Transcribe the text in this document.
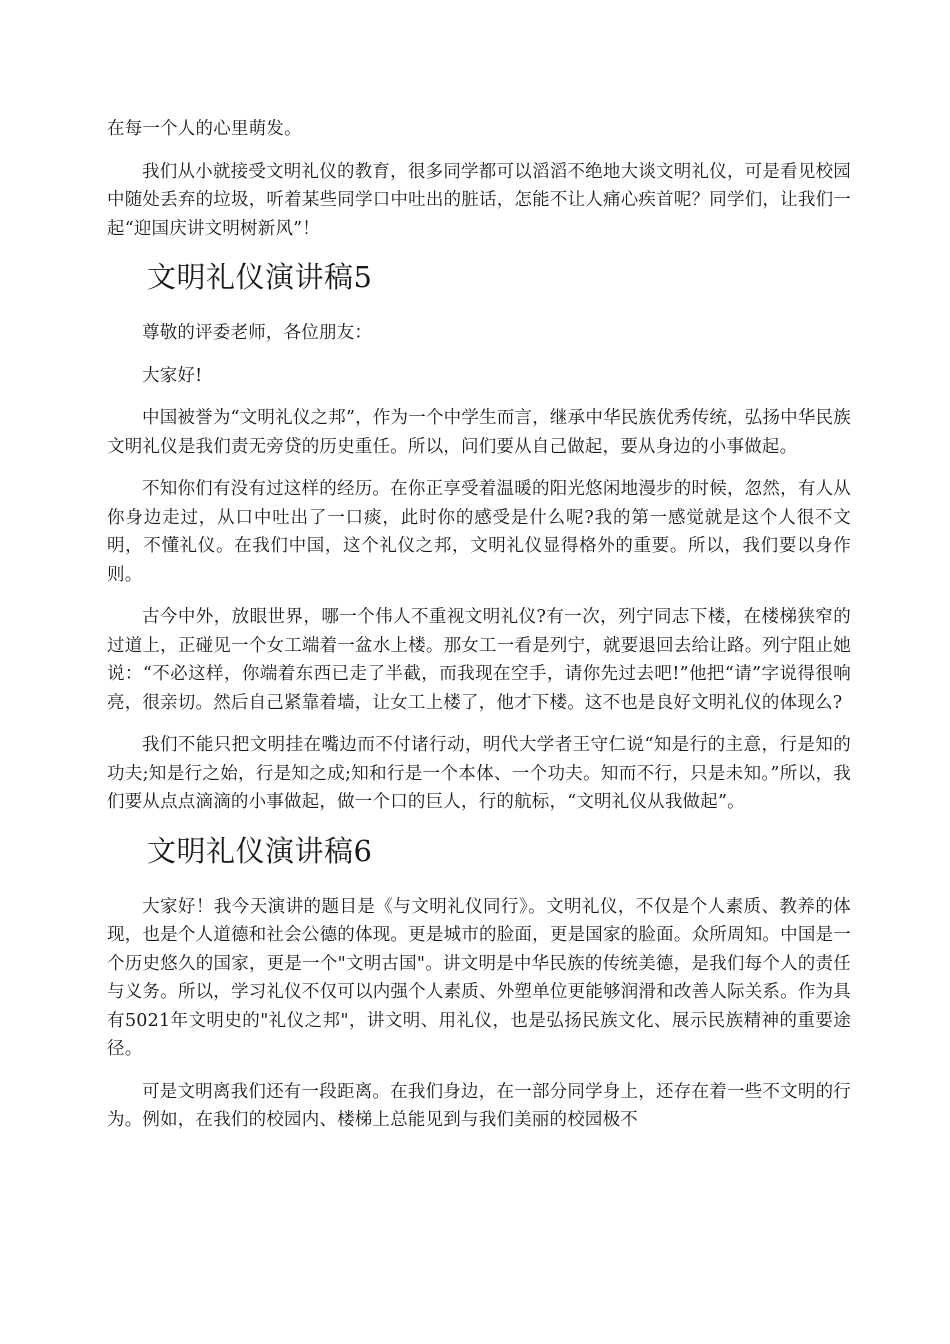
在每一个人的心里萌发。

我们从小就接受文明礼仪的教育，很多同学都可以滔滔不绝地大谈文明礼仪，可是看见校园中随处丢弃的垃圾，听着某些同学口中吐出的脏话，怎能不让人痛心疾首呢？同学们，让我们一起“迎国庆讲文明树新风”！

文明礼仪演讲稿5

尊敬的评委老师，各位朋友：

大家好!

中国被誉为“文明礼仪之邦”，作为一个中学生而言，继承中华民族优秀传统，弘扬中华民族文明礼仪是我们责无旁贷的历史重任。所以，问们要从自己做起，要从身边的小事做起。

不知你们有没有过这样的经历。在你正享受着温暖的阳光悠闲地漫步的时候，忽然，有人从你身边走过，从口中吐出了一口痰，此时你的感受是什么呢?我的第一感觉就是这个人很不文明，不懂礼仪。在我们中国，这个礼仪之邦，文明礼仪显得格外的重要。所以，我们要以身作则。

古今中外，放眼世界，哪一个伟人不重视文明礼仪?有一次，列宁同志下楼，在楼梯狭窄的过道上，正碰见一个女工端着一盆水上楼。那女工一看是列宁，就要退回去给让路。列宁阻止她说：“不必这样，你端着东西已走了半截，而我现在空手，请你先过去吧!”他把“请”字说得很响亮，很亲切。然后自己紧靠着墙，让女工上楼了，他才下楼。这不也是良好文明礼仪的体现么?

我们不能只把文明挂在嘴边而不付诸行动，明代大学者王守仁说“知是行的主意，行是知的功夫;知是行之始，行是知之成;知和行是一个本体、一个功夫。知而不行，只是未知。”所以，我们要从点点滴滴的小事做起，做一个口的巨人，行的航标，“文明礼仪从我做起”。

文明礼仪演讲稿6

大家好！我今天演讲的题目是《与文明礼仪同行》。文明礼仪，不仅是个人素质、教养的体现，也是个人道德和社会公德的体现。更是城市的脸面，更是国家的脸面。众所周知。中国是一个历史悠久的国家，更是一个"文明古国"。讲文明是中华民族的传统美德，是我们每个人的责任与义务。所以，学习礼仪不仅可以内强个人素质、外塑单位更能够润滑和改善人际关系。作为具有5021年文明史的"礼仪之邦"，讲文明、用礼仪，也是弘扬民族文化、展示民族精神的重要途径。

可是文明离我们还有一段距离。在我们身边，在一部分同学身上，还存在着一些不文明的行为。例如，在我们的校园内、楼梯上总能见到与我们美丽的校园极不
